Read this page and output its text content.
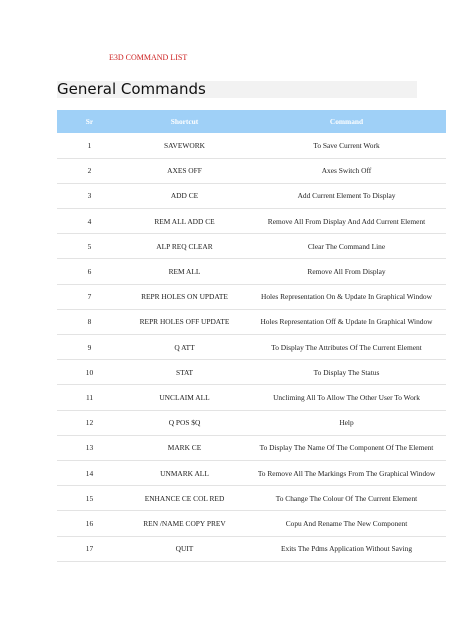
E3D COMMAND LIST
General Commands
Sr	Shortcut	Command
1	SAVEWORK	To Save Current Work
2	AXES OFF	Axes Switch Off
3	ADD CE	Add Current Element To Display
4	REM ALL ADD CE	Remove All From Display And Add Current Element
5	ALP REQ CLEAR	Clear The Command Line
6	REM ALL	Remove All From Display
7	REPR HOLES ON UPDATE	Holes Representation On & Update In Graphical Window
8	REPR HOLES OFF UPDATE	Holes Representation Off & Update In Graphical Window
9	Q ATT	To Display The Attributes Of The Current Element
10	STAT	To Display The Status
11	UNCLAIM ALL	Uncliming All To Allow The Other User To Work
12	Q POS $Q	Help
13	MARK CE	To Display The Name Of The Component Of The Element
14	UNMARK ALL	To Remove All The Markings From The Graphical Window
15	ENHANCE CE COL RED	To Change The Colour Of The Current Element
16	REN /NAME COPY PREV	Copu And Rename The New Component
17	QUIT	Exits The Pdms Application Without Saving
